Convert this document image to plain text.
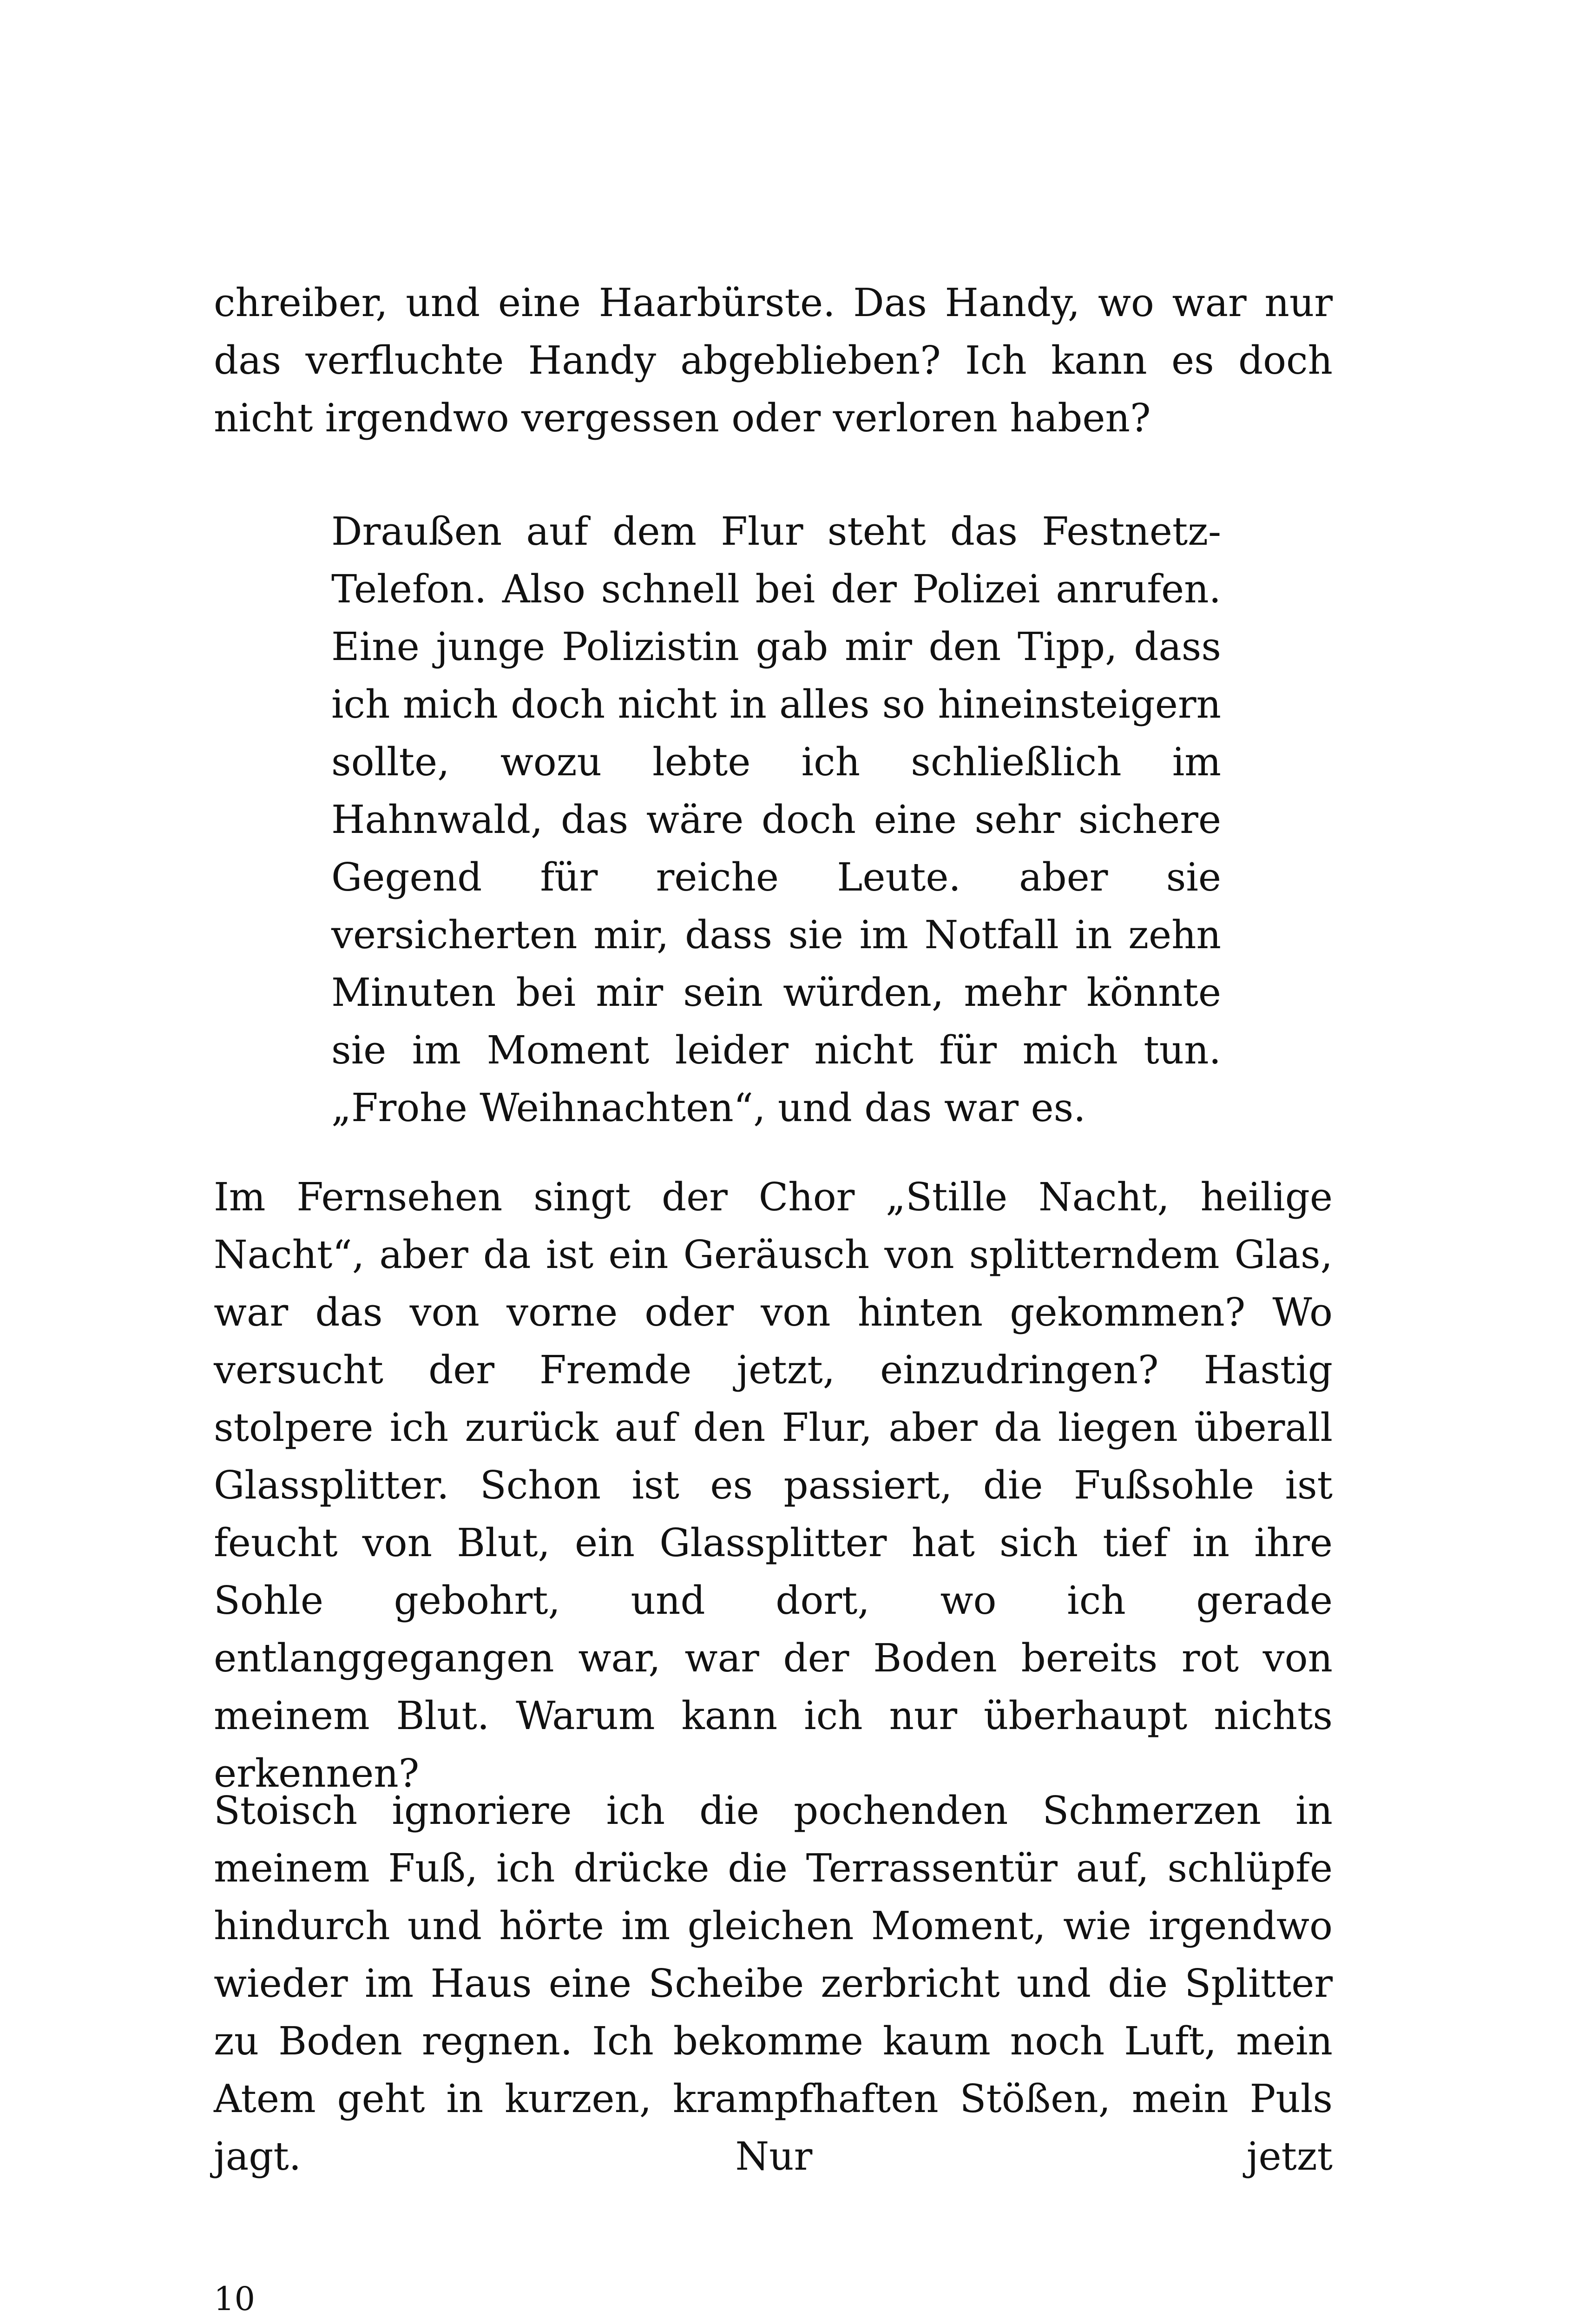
chreiber, und eine Haarbürste. Das Handy, wo war nur das verfluchte Handy abgeblieben? Ich kann es doch nicht irgendwo vergessen oder verloren haben?

Draußen auf dem Flur steht das Festnetz-Telefon. Also schnell bei der Polizei anrufen. Eine junge Polizistin gab mir den Tipp, dass ich mich doch nicht in alles so hineinsteigern sollte, wozu lebte ich schließlich im Hahnwald, das wäre doch eine sehr sichere Gegend für reiche Leute. aber sie versicherten mir, dass sie im Notfall in zehn Minuten bei mir sein würden, mehr könnte sie im Moment leider nicht für mich tun. „Frohe Weihnachten“, und das war es.

Im Fernsehen singt der Chor „Stille Nacht, heilige Nacht“, aber da ist ein Geräusch von splitterndem Glas, war das von vorne oder von hinten gekommen? Wo versucht der Fremde jetzt, einzudringen? Hastig stolpere ich zurück auf den Flur, aber da liegen überall Glassplitter. Schon ist es passiert, die Fußsohle ist feucht von Blut, ein Glassplitter hat sich tief in ihre Sohle gebohrt, und dort, wo ich gerade entlanggegangen war, war der Boden bereits rot von meinem Blut. Warum kann ich nur überhaupt nichts erkennen?

Stoisch ignoriere ich die pochenden Schmerzen in meinem Fuß, ich drücke die Terrassentür auf, schlüpfe hindurch und hörte im gleichen Moment, wie irgendwo wieder im Haus eine Scheibe zerbricht und die Splitter zu Boden regnen. Ich bekomme kaum noch Luft, mein Atem geht in kurzen, krampfhaften Stößen, mein Puls jagt. Nur jetzt

10
